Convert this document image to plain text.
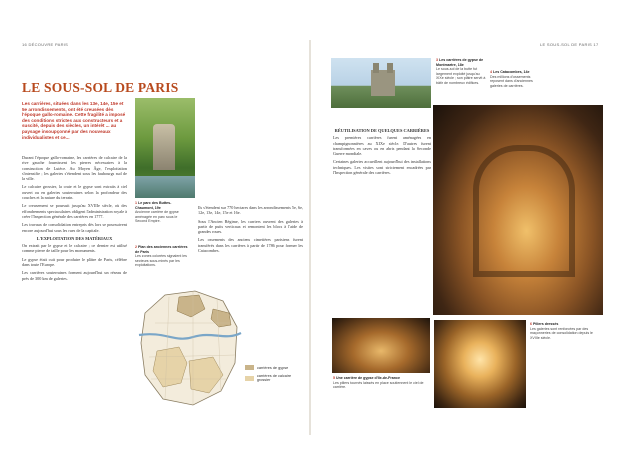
16 DÉCOUVRE PARIS
LE SOUS-SOL DE PARIS

Les carrières, situées dans les 13e, 14e, 15e et 5e arrondissements, ont été creusées dès l'époque gallo-romaine. Cette fragilité a imposé des conditions strictes aux constructeurs et a suscité, depuis des siècles, un intérêt ... au paysage insoupçonné par des nouveaux individualistes et ce...

Durant l'époque gallo-romaine, les carrières de calcaire de la rive gauche fournissent les pierres nécessaires à la construction de Lutèce. Au Moyen Âge, l'exploitation s'intensifie ; les galeries s'étendent sous les faubourgs sud de la ville.

Le calcaire grossier, la craie et le gypse sont extraits à ciel ouvert ou en galeries souterraines selon la profondeur des couches et la nature du terrain.

Le creusement se poursuit jusqu'au XVIIIe siècle, où des effondrements spectaculaires obligent l'administration royale à créer l'Inspection générale des carrières en 1777.

Les travaux de consolidation entrepris dès lors se poursuivent encore aujourd'hui sous les rues de la capitale.

L'EXPLOITATION DES MATÉRIAUX

On extrait par le gypse et le calcaire ; ce dernier est utilisé comme pierre de taille pour les monuments.

Le gypse était cuit pour produire le plâtre de Paris, célèbre dans toute l'Europe.

Les carrières souterraines forment aujourd'hui un réseau de près de 300 km de galeries.

1 Le parc des Buttes-Chaumont, 19e
Ancienne carrière de gypse aménagée en parc sous le Second Empire.
2 Plan des anciennes carrières de Paris
Les zones colorées signalent les secteurs sous-minés par les exploitations.

Ils s'étendent sur 770 hectares dans les arrondissements 5e, 6e, 12e, 13e, 14e, 15e et 16e.

Sous l'Ancien Régime, les carriers ouvrent des galeries à partir de puits verticaux et remontent les blocs à l'aide de grandes roues.

Les ossements des anciens cimetières parisiens furent transférés dans les carrières à partir de 1786 pour former les Catacombes.

carrières de gypse
carrières de calcaire grossier
LE SOUS-SOL DE PARIS 17
3 Les carrières de gypse de Montmartre, 18e
Le sous-sol de la butte fut largement exploité jusqu'au XIXe siècle ; son plâtre servit à bâtir de nombreux édifices.
4 Les Catacombes, 14e
Des millions d'ossements reposent dans d'anciennes galeries de carrières.
RÉUTILISATION DE QUELQUES CARRIÈRES

Les premières carrières furent aménagées en champignonnières au XIXe siècle. D'autres furent transformées en caves ou en abris pendant la Seconde Guerre mondiale.

Certaines galeries accueillent aujourd'hui des installations techniques. Les visites sont strictement encadrées par l'Inspection générale des carrières.

5 Une carrière de gypse d'Ile-de-France
Les piliers tournés laissés en place soutiennent le ciel de carrière.
6 Piliers dressés
Les galeries sont renforcées par des maçonneries de consolidation depuis le XVIIIe siècle.
